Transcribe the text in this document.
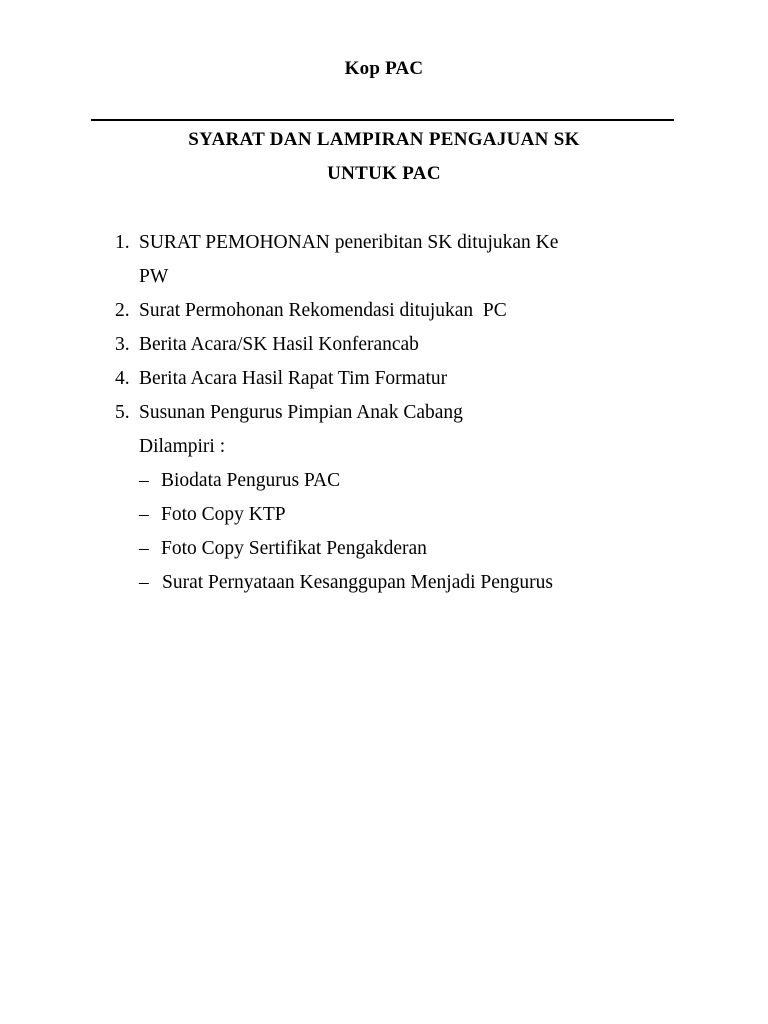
Kop PAC
SYARAT DAN LAMPIRAN PENGAJUAN SK
UNTUK PAC
1. SURAT PEMOHONAN peneribitan SK ditujukan Ke
PW
2. Surat Permohonan Rekomendasi ditujukan  PC
3. Berita Acara/SK Hasil Konferancab
4. Berita Acara Hasil Rapat Tim Formatur
5. Susunan Pengurus Pimpian Anak Cabang
Dilampiri :
– Biodata Pengurus PAC
– Foto Copy KTP
– Foto Copy Sertifikat Pengakderan
– Surat Pernyataan Kesanggupan Menjadi Pengurus
